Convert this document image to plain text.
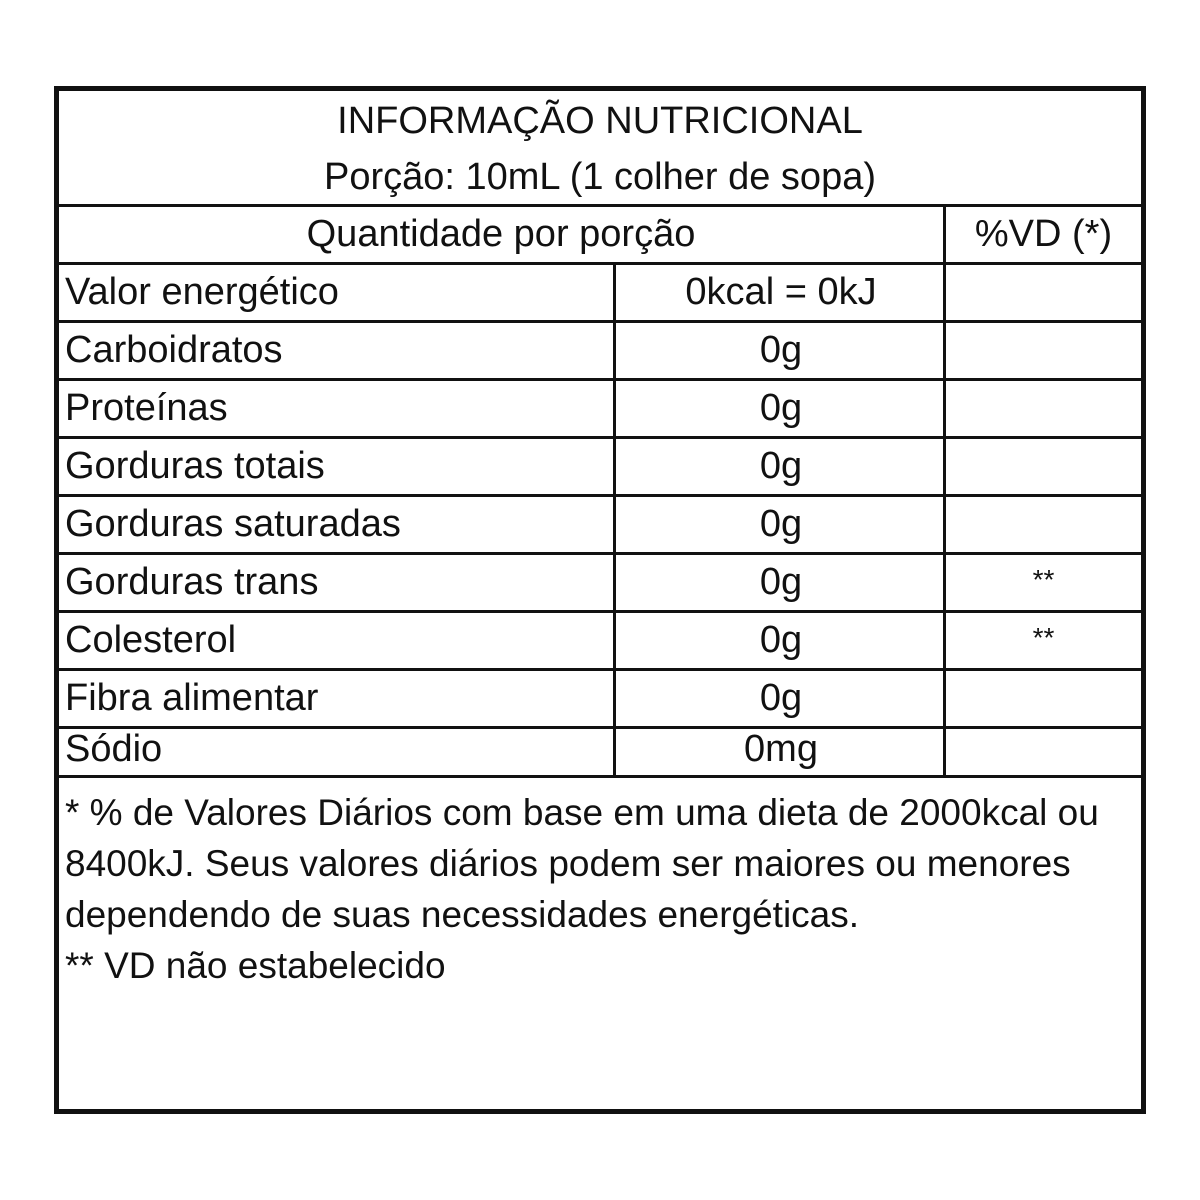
INFORMAÇÃO NUTRICIONAL
Porção: 10mL (1 colher de sopa)
Quantidade por porção	%VD (*)
Valor energético	0kcal = 0kJ
Carboidratos	0g
Proteínas	0g
Gorduras totais	0g
Gorduras saturadas	0g
Gorduras trans	0g	**
Colesterol	0g	**
Fibra alimentar	0g
Sódio	0mg

* % de Valores Diários com base em uma dieta de 2000kcal ou 8400kJ. Seus valores diários podem ser maiores ou menores dependendo de suas necessidades energéticas.

** VD não estabelecido
